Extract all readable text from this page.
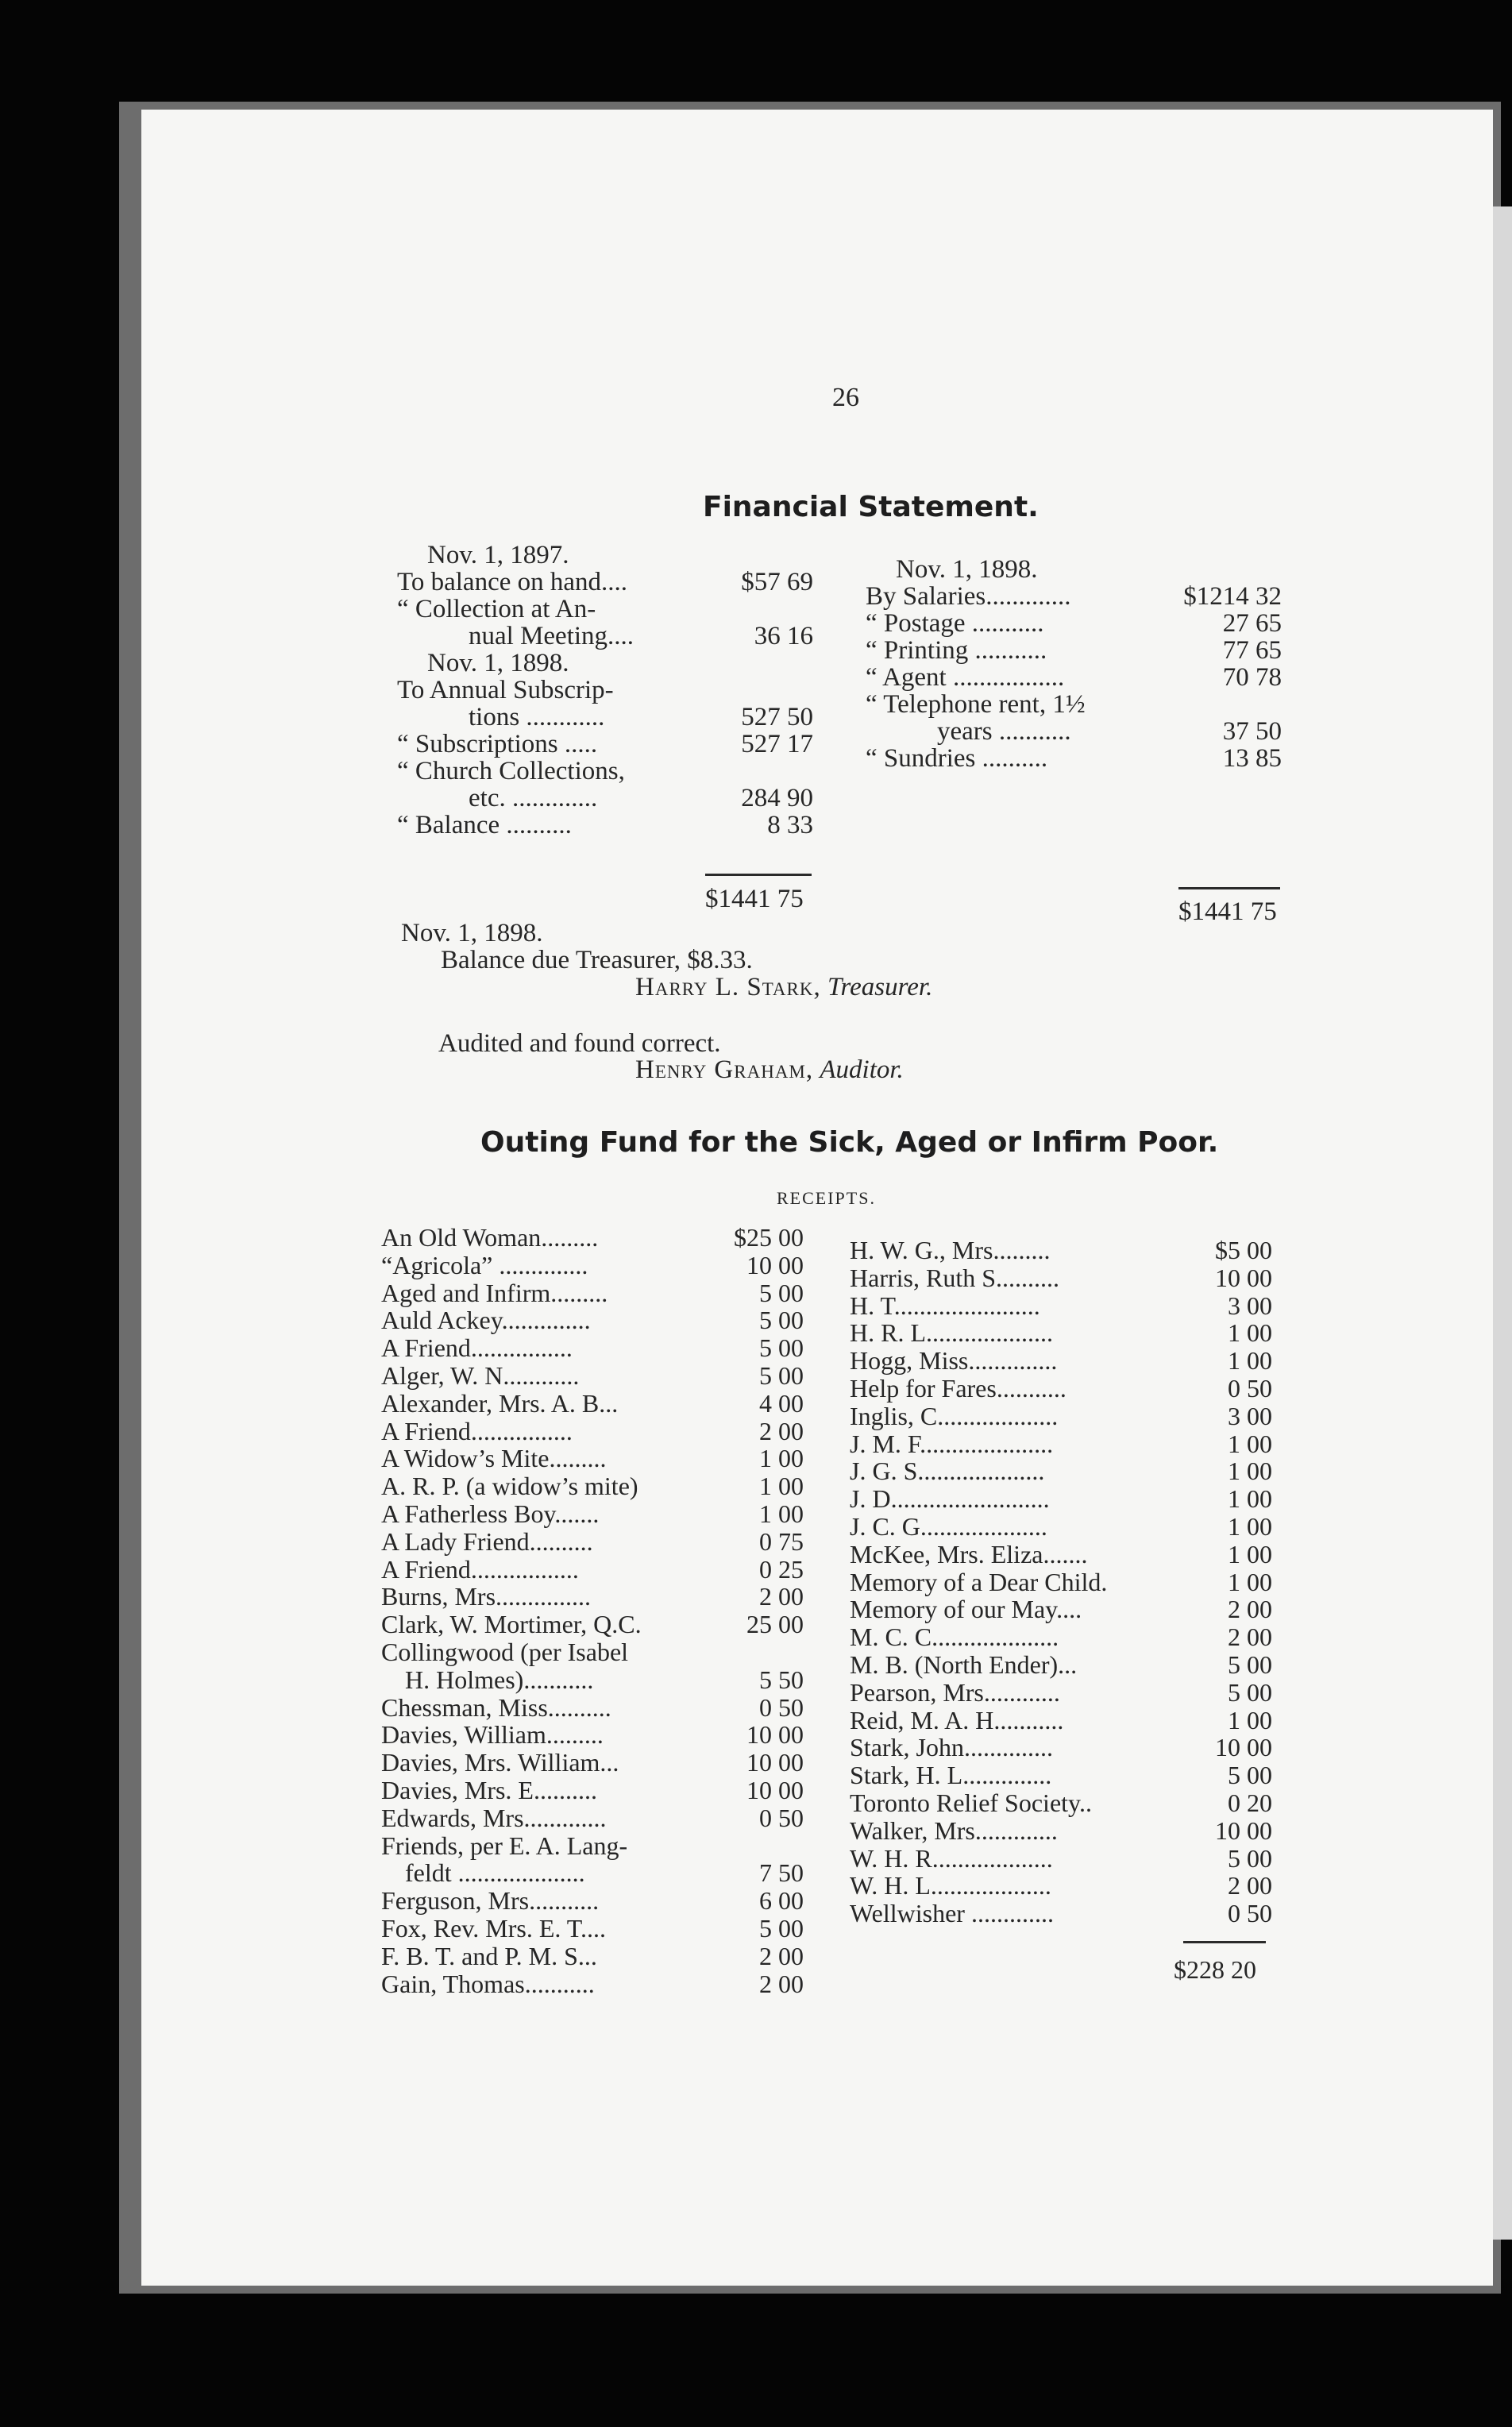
26
Financial Statement.
Nov. 1, 1897.
To balance on hand....	$57 69
“ Collection at An-
nual Meeting....	36 16
Nov. 1, 1898.
To Annual Subscrip-
tions ............	527 50
“ Subscriptions .....	527 17
“ Church Collections,
etc. .............	284 90
“ Balance ..........	8 33
Nov. 1, 1898.
By Salaries.............	$1214 32
“ Postage ...........	27 65
“ Printing ...........	77 65
“ Agent .................	70 78
“ Telephone rent, 1½
years ...........	37 50
“ Sundries ..........	13 85
$1441 75	$1441 75
Nov. 1, 1898.
Balance due Treasurer, $8.33.
Harry L. Stark, Treasurer.
Audited and found correct.
Henry Graham, Auditor.
Outing Fund for the Sick, Aged or Infirm Poor.
RECEIPTS.
An Old Woman.........	$25 00
“Agricola” ..............	10 00
Aged and Infirm.........	5 00
Auld Ackey..............	5 00
A Friend................	5 00
Alger, W. N............	5 00
Alexander, Mrs. A. B...	4 00
A Friend................	2 00
A Widow’s Mite.........	1 00
A. R. P. (a widow’s mite)	1 00
A Fatherless Boy.......	1 00
A Lady Friend..........	0 75
A Friend.................	0 25
Burns, Mrs...............	2 00
Clark, W. Mortimer, Q.C.	25 00
Collingwood (per Isabel
H. Holmes)...........	5 50
Chessman, Miss..........	0 50
Davies, William.........	10 00
Davies, Mrs. William...	10 00
Davies, Mrs. E..........	10 00
Edwards, Mrs.............	0 50
Friends, per E. A. Lang-
feldt ....................	7 50
Ferguson, Mrs...........	6 00
Fox, Rev. Mrs. E. T....	5 00
F. B. T. and P. M. S...	2 00
Gain, Thomas...........	2 00
H. W. G., Mrs.........	$5 00
Harris, Ruth S..........	10 00
H. T.......................	3 00
H. R. L....................	1 00
Hogg, Miss..............	1 00
Help for Fares...........	0 50
Inglis, C...................	3 00
J. M. F.....................	1 00
J. G. S....................	1 00
J. D.........................	1 00
J. C. G....................	1 00
McKee, Mrs. Eliza.......	1 00
Memory of a Dear Child.	1 00
Memory of our May....	2 00
M. C. C....................	2 00
M. B. (North Ender)...	5 00
Pearson, Mrs............	5 00
Reid, M. A. H...........	1 00
Stark, John..............	10 00
Stark, H. L..............	5 00
Toronto Relief Society..	0 20
Walker, Mrs.............	10 00
W. H. R...................	5 00
W. H. L...................	2 00
Wellwisher .............	0 50
$228 20
